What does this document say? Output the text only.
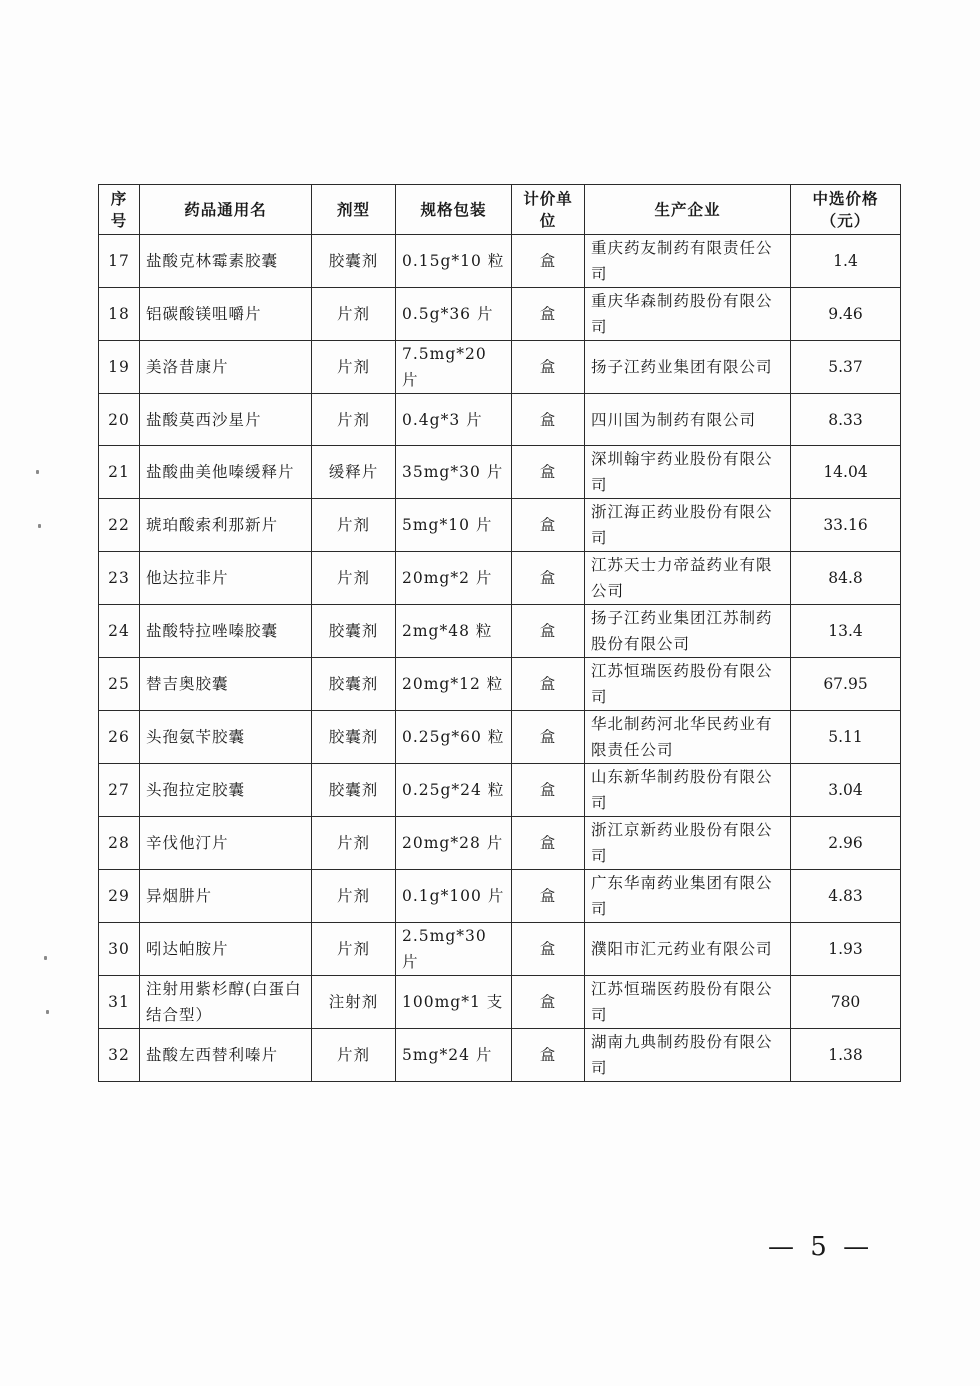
序号	药品通用名	剂型	规格包装	计价单位	生产企业	中选价格（元）
17	盐酸克林霉素胶囊	胶囊剂	0.15g*10 粒	盒	重庆药友制药有限责任公司	1.4
18	铝碳酸镁咀嚼片	片剂	0.5g*36 片	盒	重庆华森制药股份有限公司	9.46
19	美洛昔康片	片剂	7.5mg*20 片	盒	扬子江药业集团有限公司	5.37
20	盐酸莫西沙星片	片剂	0.4g*3 片	盒	四川国为制药有限公司	8.33
21	盐酸曲美他嗪缓释片	缓释片	35mg*30 片	盒	深圳翰宇药业股份有限公司	14.04
22	琥珀酸索利那新片	片剂	5mg*10 片	盒	浙江海正药业股份有限公司	33.16
23	他达拉非片	片剂	20mg*2 片	盒	江苏天士力帝益药业有限公司	84.8
24	盐酸特拉唑嗪胶囊	胶囊剂	2mg*48 粒	盒	扬子江药业集团江苏制药股份有限公司	13.4
25	替吉奥胶囊	胶囊剂	20mg*12 粒	盒	江苏恒瑞医药股份有限公司	67.95
26	头孢氨苄胶囊	胶囊剂	0.25g*60 粒	盒	华北制药河北华民药业有限责任公司	5.11
27	头孢拉定胶囊	胶囊剂	0.25g*24 粒	盒	山东新华制药股份有限公司	3.04
28	辛伐他汀片	片剂	20mg*28 片	盒	浙江京新药业股份有限公司	2.96
29	异烟肼片	片剂	0.1g*100 片	盒	广东华南药业集团有限公司	4.83
30	吲达帕胺片	片剂	2.5mg*30 片	盒	濮阳市汇元药业有限公司	1.93
31	注射用紫杉醇(白蛋白结合型）	注射剂	100mg*1 支	盒	江苏恒瑞医药股份有限公司	780
32	盐酸左西替利嗪片	片剂	5mg*24 片	盒	湖南九典制药股份有限公司	1.38
— 5 —
